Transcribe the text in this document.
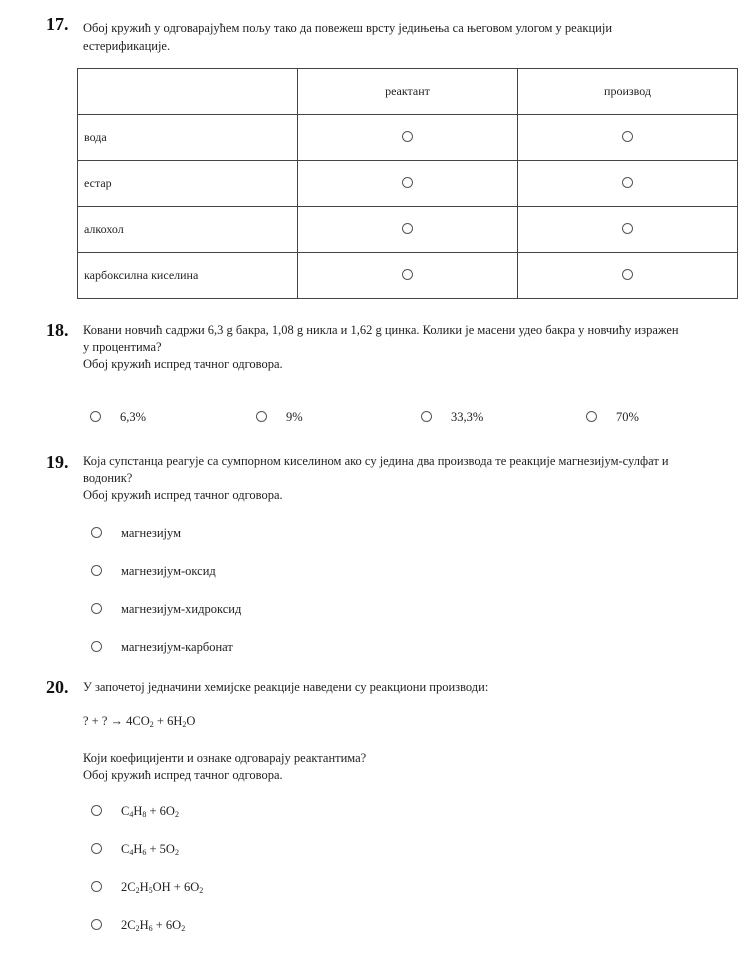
17. Обој кружић у одговарајућем пољу тако да повежеш врсту једињења са његовом улогом у реакцији
естерификације.
	реактант	производ
вода		
естар		
алкохол		
карбоксилна киселина		
18. Ковани новчић садржи 6,3 g бакра, 1,08 g никла и 1,62 g цинка. Колики је масени удео бакра у новчићу изражен
у процентима?
Обој кружић испред тачног одговора.
6,3%	9%	33,3%	70%
19. Која супстанца реагује са сумпорном киселином ако су једина два производа те реакције магнезијум-сулфат и
водоник?
Обој кружић испред тачног одговора.
магнезијум
магнезијум-оксид
магнезијум-хидроксид
магнезијум-карбонат
20. У започетој једначини хемијске реакције наведени су реакциони производи:
? + ? → $4CO_2 + 6H_2O$
Који коефицијенти и ознаке одговарају реактантима?
Обој кружић испред тачног одговора.
$C_4H_8 + 6O_2$
$C_4H_6 + 5O_2$
$2C_2H_5OH + 6O_2$
$2C_2H_6 + 6O_2$
